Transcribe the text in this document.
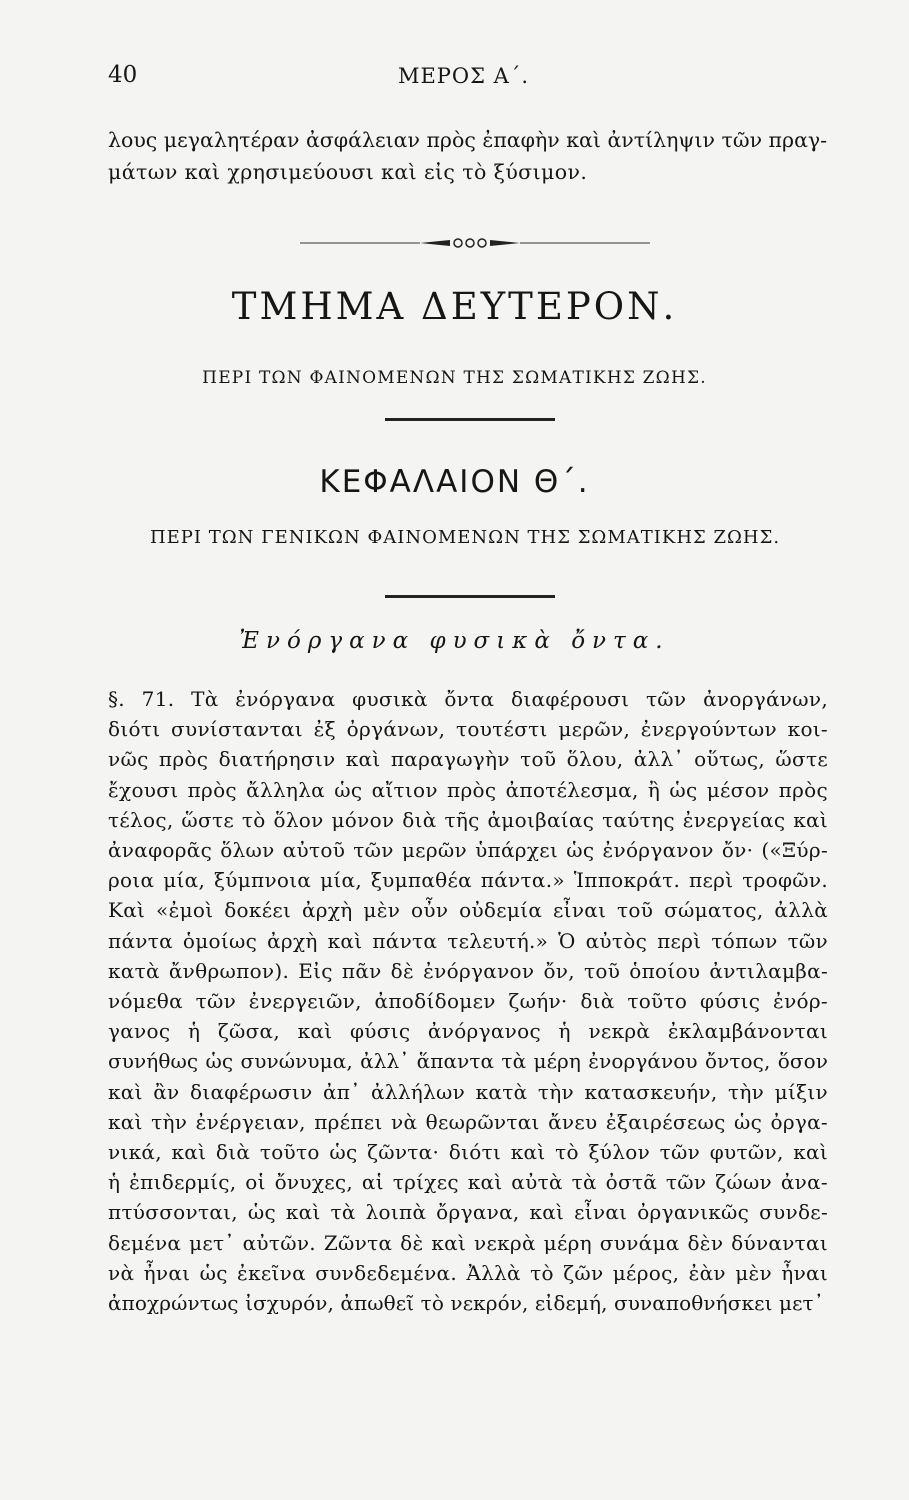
40	ΜΕΡΟΣ Α΄.
λους μεγαλητέραν ἀσφάλειαν πρὸς ἐπαφὴν καὶ ἀντίληψιν τῶν πραγ-
μάτων καὶ χρησιμεύουσι καὶ εἰς τὸ ξύσιμον.
ΤΜΗΜΑ ΔΕΥΤΕΡΟΝ.
ΠΕΡΙ ΤΩΝ ΦΑΙΝΟΜΕΝΩΝ ΤΗΣ ΣΩΜΑΤΙΚΗΣ ΖΩΗΣ.
ΚΕΦΑΛΑΙΟΝ Θ΄.
ΠΕΡΙ ΤΩΝ ΓΕΝΙΚΩΝ ΦΑΙΝΟΜΕΝΩΝ ΤΗΣ ΣΩΜΑΤΙΚΗΣ ΖΩΗΣ.
Ἐνόργανα φυσικὰ ὄντα.
§. 71. Τὰ ἐνόργανα φυσικὰ ὄντα διαφέρουσι τῶν ἀνοργάνων,
διότι συνίστανται ἐξ ὀργάνων, τουτέστι μερῶν, ἐνεργούντων κοι-
νῶς πρὸς διατήρησιν καὶ παραγωγὴν τοῦ ὅλου, ἀλλ᾽ οὕτως, ὥστε
ἔχουσι πρὸς ἄλληλα ὡς αἴτιον πρὸς ἀποτέλεσμα, ἢ ὡς μέσον πρὸς
τέλος, ὥστε τὸ ὅλον μόνον διὰ τῆς ἀμοιβαίας ταύτης ἐνεργείας καὶ
ἀναφορᾶς ὅλων αὐτοῦ τῶν μερῶν ὑπάρχει ὡς ἐνόργανον ὄν· («Ξύρ-
ροια μία, ξύμπνοια μία, ξυμπαθέα πάντα.» Ἱπποκράτ. περὶ τροφῶν.
Καὶ «ἐμοὶ δοκέει ἀρχὴ μὲν οὖν οὐδεμία εἶναι τοῦ σώματος, ἀλλὰ
πάντα ὁμοίως ἀρχὴ καὶ πάντα τελευτή.» Ὁ αὐτὸς περὶ τόπων τῶν
κατὰ ἄνθρωπον). Εἰς πᾶν δὲ ἐνόργανον ὄν, τοῦ ὁποίου ἀντιλαμβα-
νόμεθα τῶν ἐνεργειῶν, ἀποδίδομεν ζωήν· διὰ τοῦτο φύσις ἐνόρ-
γανος ἡ ζῶσα, καὶ φύσις ἀνόργανος ἡ νεκρὰ ἐκλαμβάνονται
συνήθως ὡς συνώνυμα, ἀλλ᾽ ἅπαντα τὰ μέρη ἐνοργάνου ὄντος, ὅσον
καὶ ἂν διαφέρωσιν ἀπ᾽ ἀλλήλων κατὰ τὴν κατασκευήν, τὴν μίξιν
καὶ τὴν ἐνέργειαν, πρέπει νὰ θεωρῶνται ἄνευ ἐξαιρέσεως ὡς ὀργα-
νικά, καὶ διὰ τοῦτο ὡς ζῶντα· διότι καὶ τὸ ξύλον τῶν φυτῶν, καὶ
ἡ ἐπιδερμίς, οἱ ὄνυχες, αἱ τρίχες καὶ αὐτὰ τὰ ὀστᾶ τῶν ζώων ἀνα-
πτύσσονται, ὡς καὶ τὰ λοιπὰ ὄργανα, καὶ εἶναι ὀργανικῶς συνδε-
δεμένα μετ᾽ αὐτῶν. Ζῶντα δὲ καὶ νεκρὰ μέρη συνάμα δὲν δύνανται
νὰ ἦναι ὡς ἐκεῖνα συνδεδεμένα. Ἀλλὰ τὸ ζῶν μέρος, ἐὰν μὲν ἦναι
ἀποχρώντως ἰσχυρόν, ἀπωθεῖ τὸ νεκρόν, εἰδεμή, συναποθνήσκει μετ᾽
